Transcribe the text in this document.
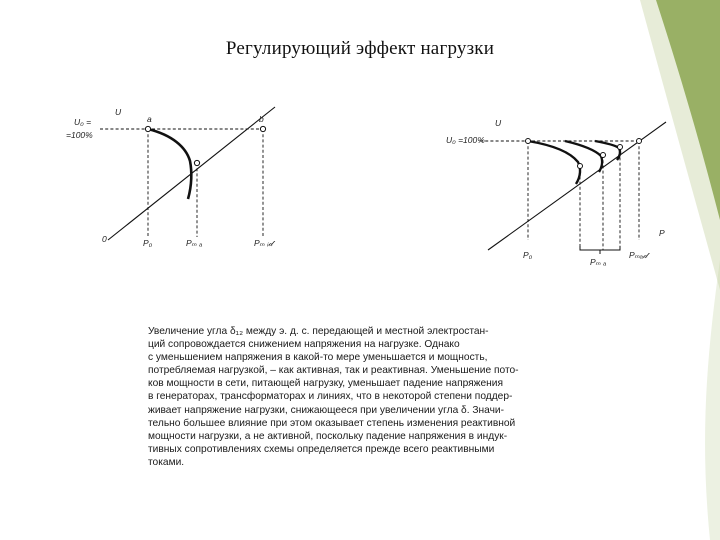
Регулирующий эффект нагрузки
U
U₀ =
=100%
a	b
0	P₀	Pₘ ₐ	Pₘ ᵢ𝒹
U
U₀ =100%
P
P₀
Pₘ ₐ
Pₘₐ𝒹
Увеличение угла δ₁₂ между э. д. с. передающей и местной электростан-
ций сопровождается снижением напряжения на нагрузке. Однако
с уменьшением напряжения в какой-то мере уменьшается и мощность,
потребляемая нагрузкой, – как активная, так и реактивная. Уменьшение пото-
ков мощности в сети, питающей нагрузку, уменьшает падение напряжения
в генераторах, трансформаторах и линиях, что в некоторой степени поддер-
живает напряжение нагрузки, снижающееся при увеличении угла δ. Значи-
тельно большее влияние при этом оказывает степень изменения реактивной
мощности нагрузки, а не активной, поскольку падение напряжения в индук-
тивных сопротивлениях схемы определяется прежде всего реактивными
токами.
